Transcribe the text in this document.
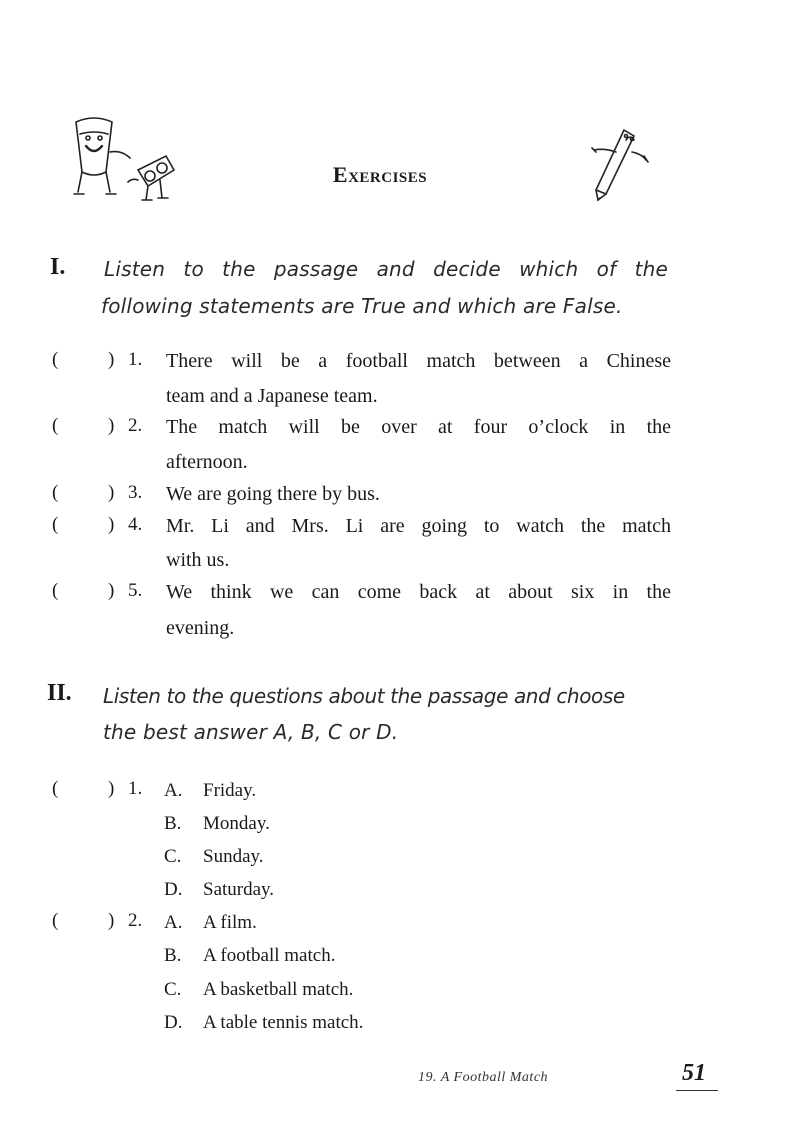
Exercises
I. Listen to the passage and decide which of the
following statements are True and which are False.
(	) 1. There will be a football match between a Chinese
team and a Japanese team.
(	) 2. The match will be over at four o’clock in the
afternoon.
(	) 3. We are going there by bus.
(	) 4. Mr. Li and Mrs. Li are going to watch the match
with us.
(	) 5. We think we can come back at about six in the
evening.
II. Listen to the questions about the passage and choose
the best answer A, B, C or D.
(	) 1. A. Friday.
B. Monday.
C. Sunday.
D. Saturday.
(	) 2. A. A film.
B. A football match.
C. A basketball match.
D. A table tennis match.
19. A Football Match	51
